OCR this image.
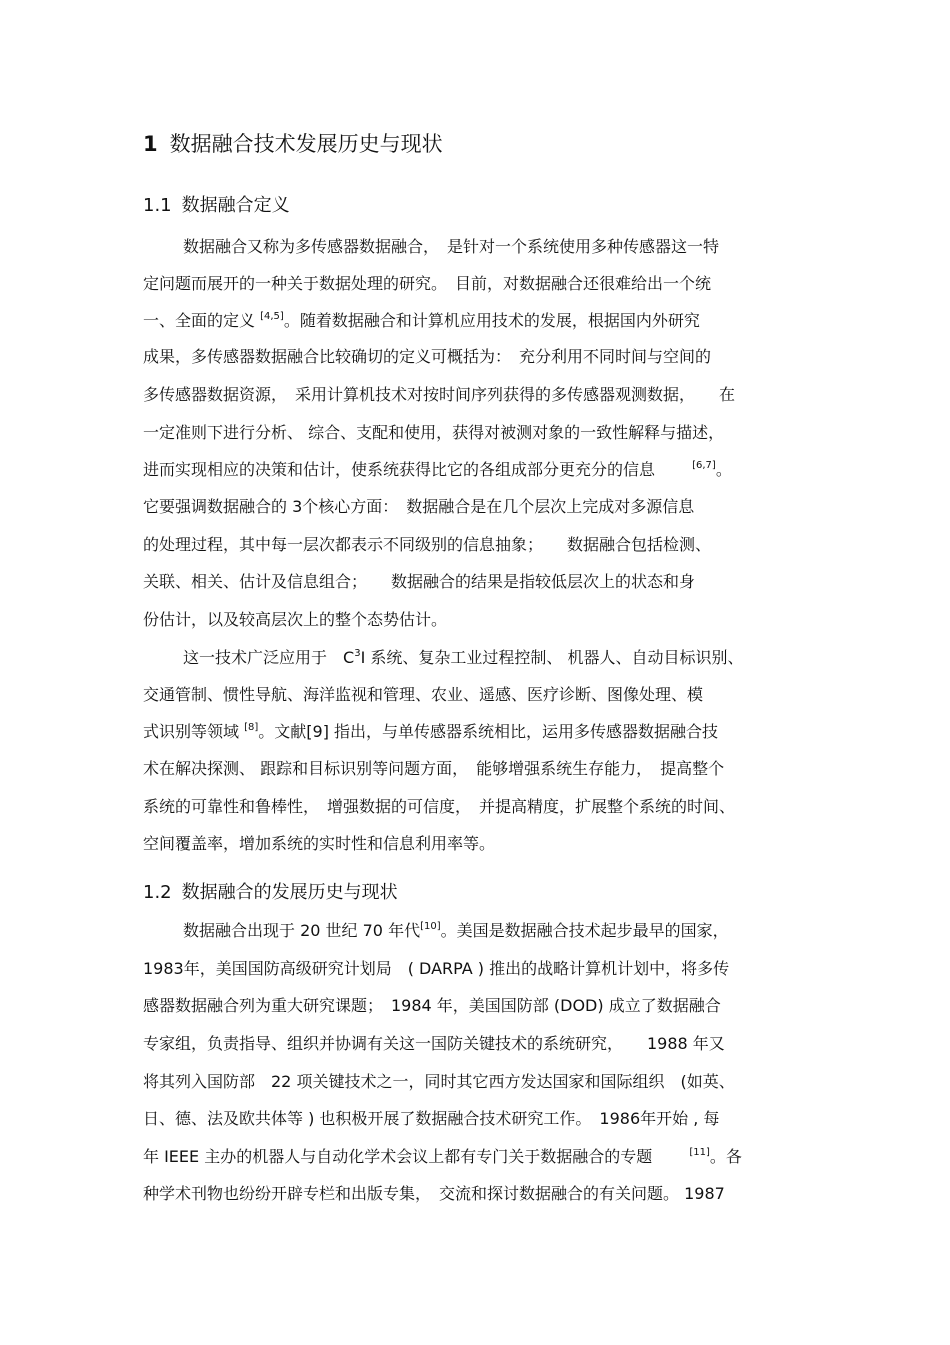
1 数据融合技术发展历史与现状
1.1 数据融合定义
数据融合又称为多传感器数据融合，　是针对一个系统使用多种传感器这一特
定问题而展开的一种关于数据处理的研究。　目前，对数据融合还很难给出一个统
一、全面的定义 [4,5]。随着数据融合和计算机应用技术的发展，根据国内外研究
成果，多传感器数据融合比较确切的定义可概括为：　充分利用不同时间与空间的
多传感器数据资源，　采用计算机技术对按时间序列获得的多传感器观测数据，　　在
一定准则下进行分析、 综合、支配和使用，获得对被测对象的一致性解释与描述，
进而实现相应的决策和估计，使系统获得比它的各组成部分更充分的信息　　 [6,7]。
它要强调数据融合的 3个核心方面：　数据融合是在几个层次上完成对多源信息
的处理过程，其中每一层次都表示不同级别的信息抽象；　　数据融合包括检测、
关联、相关、估计及信息组合；　　数据融合的结果是指较低层次上的状态和身
份估计，以及较高层次上的整个态势估计。
这一技术广泛应用于　$C^3I$ 系统、复杂工业过程控制、 机器人、自动目标识别、
交通管制、惯性导航、海洋监视和管理、农业、遥感、医疗诊断、图像处理、模
式识别等领域 [8]。文献[9] 指出，与单传感器系统相比，运用多传感器数据融合技
术在解决探测、 跟踪和目标识别等问题方面，　能够增强系统生存能力，　提高整个
系统的可靠性和鲁棒性，　增强数据的可信度，　并提高精度，扩展整个系统的时间、
空间覆盖率，增加系统的实时性和信息利用率等。
1.2 数据融合的发展历史与现状
数据融合出现于 20 世纪 70 年代[10]。美国是数据融合技术起步最早的国家，
1983年，美国国防高级研究计划局　( DARPA ) 推出的战略计算机计划中，将多传
感器数据融合列为重大研究课题；　1984 年，美国国防部 (DOD) 成立了数据融合
专家组，负责指导、组织并协调有关这一国防关键技术的系统研究，　　1988 年又
将其列入国防部　22 项关键技术之一，同时其它西方发达国家和国际组织　(如英、
日、德、法及欧共体等 ) 也积极开展了数据融合技术研究工作。　1986年开始 , 每
年 IEEE 主办的机器人与自动化学术会议上都有专门关于数据融合的专题　　 [11]。各
种学术刊物也纷纷开辟专栏和出版专集，　交流和探讨数据融合的有关问题。 1987
